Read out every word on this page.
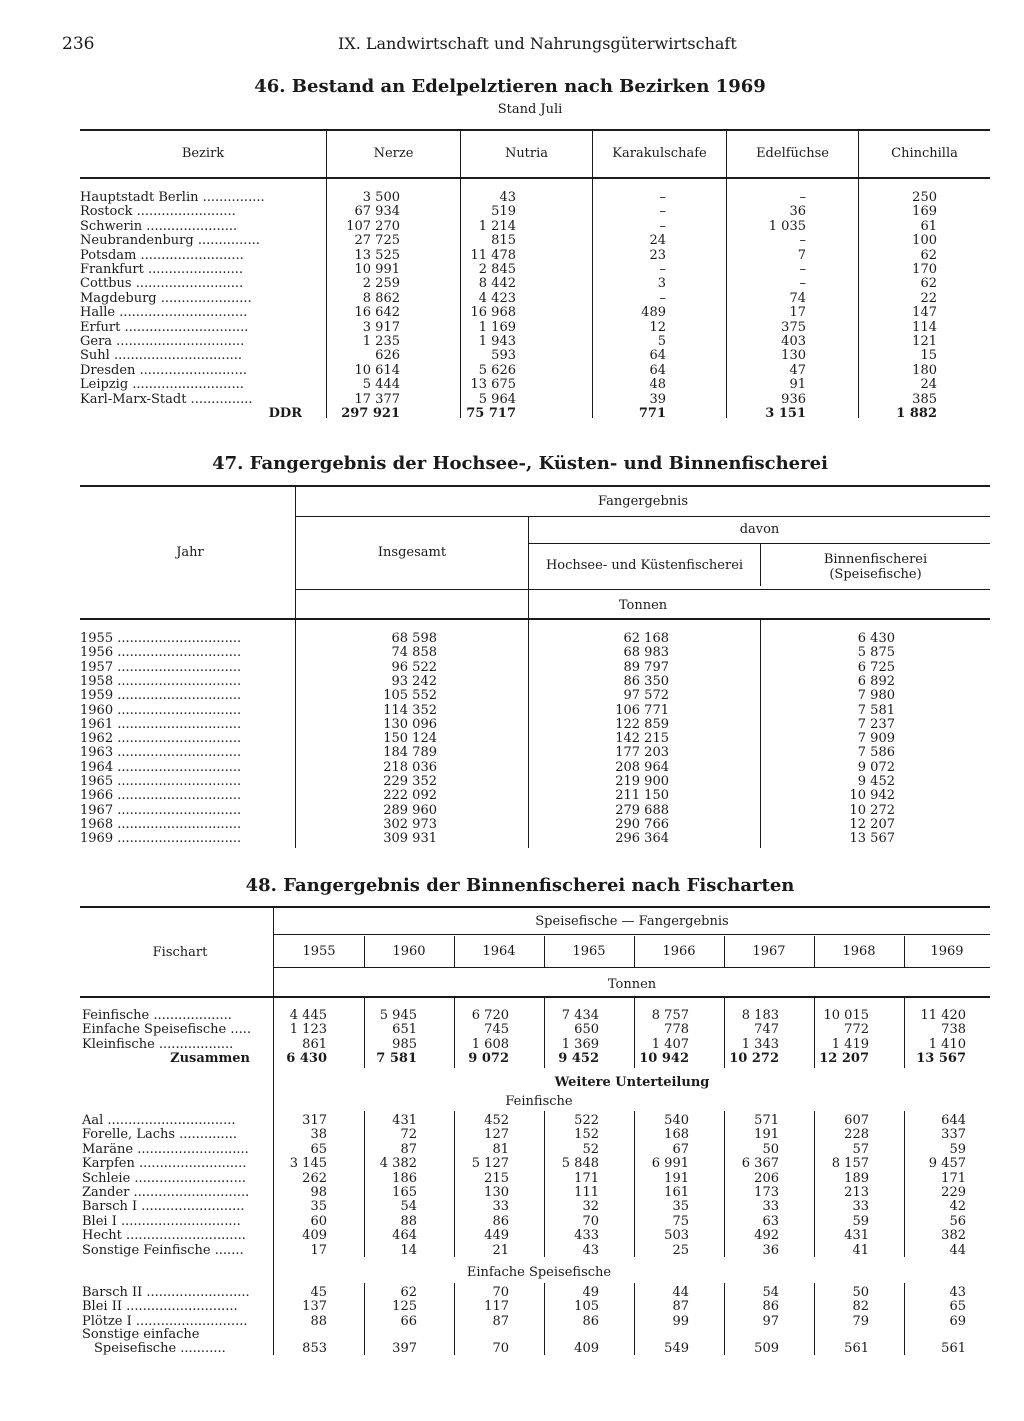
236	IX. Landwirtschaft und Nahrungsgüterwirtschaft
46. Bestand an Edelpelztieren nach Bezirken 1969
Stand Juli
Bezirk	Nerze	Nutria	Karakulschafe	Edelfüchse	Chinchilla
Hauptstadt Berlin ...............	3 500	43	–	–	250
Rostock ........................	67 934	519	–	36	169
Schwerin ......................	107 270	1 214	–	1 035	61
Neubrandenburg ...............	27 725	815	24	–	100
Potsdam .........................	13 525	11 478	23	7	62
Frankfurt .......................	10 991	2 845	–	–	170
Cottbus ..........................	2 259	8 442	3	–	62
Magdeburg ......................	8 862	4 423	–	74	22
Halle ...............................	16 642	16 968	489	17	147
Erfurt ..............................	3 917	1 169	12	375	114
Gera ...............................	1 235	1 943	5	403	121
Suhl ...............................	626	593	64	130	15
Dresden ..........................	10 614	5 626	64	47	180
Leipzig ...........................	5 444	13 675	48	91	24
Karl-Marx-Stadt ...............	17 377	5 964	39	936	385
DDR	297 921	75 717	771	3 151	1 882
47. Fangergebnis der Hochsee-, Küsten- und Binnenfischerei
Jahr
Fangergebnis
Insgesamt
davon
Hochsee- und Küstenfischerei	Binnenfischerei
(Speisefische)
Tonnen
1955 ..............................	68 598	62 168	6 430
1956 ..............................	74 858	68 983	5 875
1957 ..............................	96 522	89 797	6 725
1958 ..............................	93 242	86 350	6 892
1959 ..............................	105 552	97 572	7 980
1960 ..............................	114 352	106 771	7 581
1961 ..............................	130 096	122 859	7 237
1962 ..............................	150 124	142 215	7 909
1963 ..............................	184 789	177 203	7 586
1964 ..............................	218 036	208 964	9 072
1965 ..............................	229 352	219 900	9 452
1966 ..............................	222 092	211 150	10 942
1967 ..............................	289 960	279 688	10 272
1968 ..............................	302 973	290 766	12 207
1969 ..............................	309 931	296 364	13 567
48. Fangergebnis der Binnenfischerei nach Fischarten
Fischart
Speisefische — Fangergebnis
Tonnen
1955	1960	1964	1965	1966	1967	1968	1969
Feinfische ...................	4 445	5 945	6 720	7 434	8 757	8 183	10 015	11 420
Einfache Speisefische .....	1 123	651	745	650	778	747	772	738
Kleinfische ..................	861	985	1 608	1 369	1 407	1 343	1 419	1 410
Zusammen	6 430	7 581	9 072	9 452	10 942	10 272	12 207	13 567
Weitere Unterteilung
Feinfische
Aal ...............................	317	431	452	522	540	571	607	644
Forelle, Lachs ..............	38	72	127	152	168	191	228	337
Maräne ...........................	65	87	81	52	67	50	57	59
Karpfen ..........................	3 145	4 382	5 127	5 848	6 991	6 367	8 157	9 457
Schleie ...........................	262	186	215	171	191	206	189	171
Zander ............................	98	165	130	111	161	173	213	229
Barsch I .........................	35	54	33	32	35	33	33	42
Blei I .............................	60	88	86	70	75	63	59	56
Hecht .............................	409	464	449	433	503	492	431	382
Sonstige Feinfische .......	17	14	21	43	25	36	41	44
Einfache Speisefische
Barsch II .........................	45	62	70	49	44	54	50	43
Blei II ...........................	137	125	117	105	87	86	82	65
Plötze I ...........................	88	66	87	86	99	97	79	69
Sonstige einfache
Speisefische ...........	853	397	70	409	549	509	561	561
